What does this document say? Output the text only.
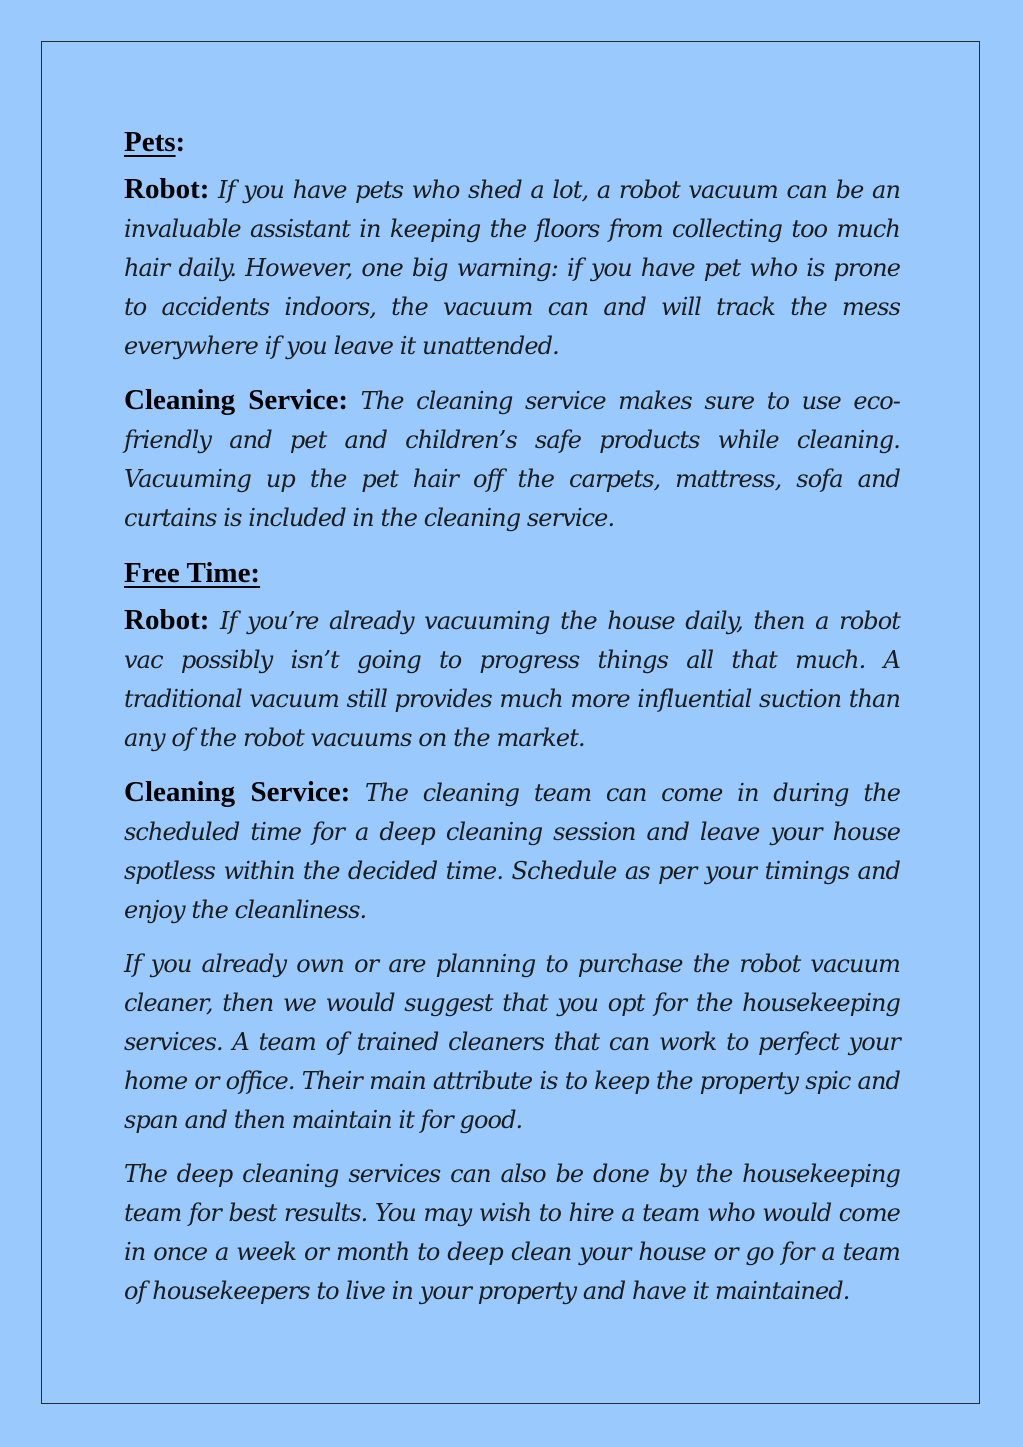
Pets:

Robot: If you have pets who shed a lot, a robot vacuum can be an invaluable assistant in keeping the floors from collecting too much hair daily. However, one big warning: if you have pet who is prone to accidents indoors, the vacuum can and will track the mess everywhere if you leave it unattended.

Cleaning Service: The cleaning service makes sure to use eco-friendly and pet and children’s safe products while cleaning. Vacuuming up the pet hair off the carpets, mattress, sofa and curtains is included in the cleaning service.

Free Time:

Robot: If you’re already vacuuming the house daily, then a robot vac possibly isn’t going to progress things all that much. A traditional vacuum still provides much more influential suction than any of the robot vacuums on the market.

Cleaning Service: The cleaning team can come in during the scheduled time for a deep cleaning session and leave your house spotless within the decided time. Schedule as per your timings and enjoy the cleanliness.

If you already own or are planning to purchase the robot vacuum cleaner, then we would suggest that you opt for the housekeeping services. A team of trained cleaners that can work to perfect your home or office. Their main attribute is to keep the property spic and span and then maintain it for good.

The deep cleaning services can also be done by the housekeeping team for best results. You may wish to hire a team who would come in once a week or month to deep clean your house or go for a team of housekeepers to live in your property and have it maintained.
